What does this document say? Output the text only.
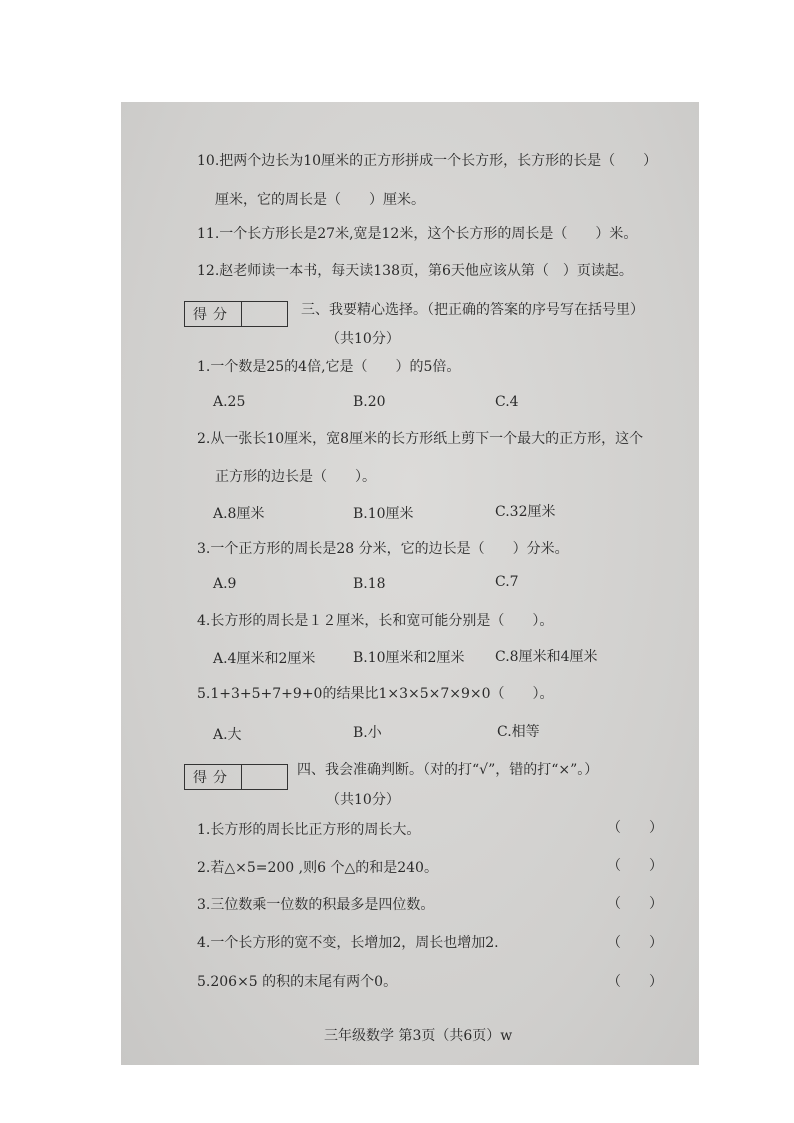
10.把两个边长为10厘米的正方形拼成一个长方形，长方形的长是（　　）
厘米，它的周长是（　　）厘米。
11.一个长方形长是27米,宽是12米，这个长方形的周长是（　　）米。
12.赵老师读一本书，每天读138页，第6天他应该从第（　）页读起。
得分	三、我要精心选择。（把正确的答案的序号写在括号里）
（共10分）
1.一个数是25的4倍,它是（　　）的5倍。
A.25	B.20	C.4
2.从一张长10厘米，宽8厘米的长方形纸上剪下一个最大的正方形，这个
正方形的边长是（　　）。
A.8厘米	B.10厘米	C.32厘米
3.一个正方形的周长是28 分米，它的边长是（　　）分米。
A.9	B.18	C.7
4.长方形的周长是１２厘米，长和宽可能分别是（　　）。
A.4厘米和2厘米	B.10厘米和2厘米 C.8厘米和4厘米
5.1+3+5+7+9+0的结果比1×3×5×7×9×0（　　）。
A.大	B.小	C.相等
得分	四、我会准确判断。（对的打“√”，错的打“×”。）
（共10分）
1.长方形的周长比正方形的周长大。	（　　）
2.若△×5=200 ,则6 个△的和是240。	（　　）
3.三位数乘一位数的积最多是四位数。	（　　）
4.一个长方形的宽不变，长增加2，周长也增加2.	（　　）
5.206×5 的积的末尾有两个0。	（　　）
三年级数学 第3页（共6页）w
